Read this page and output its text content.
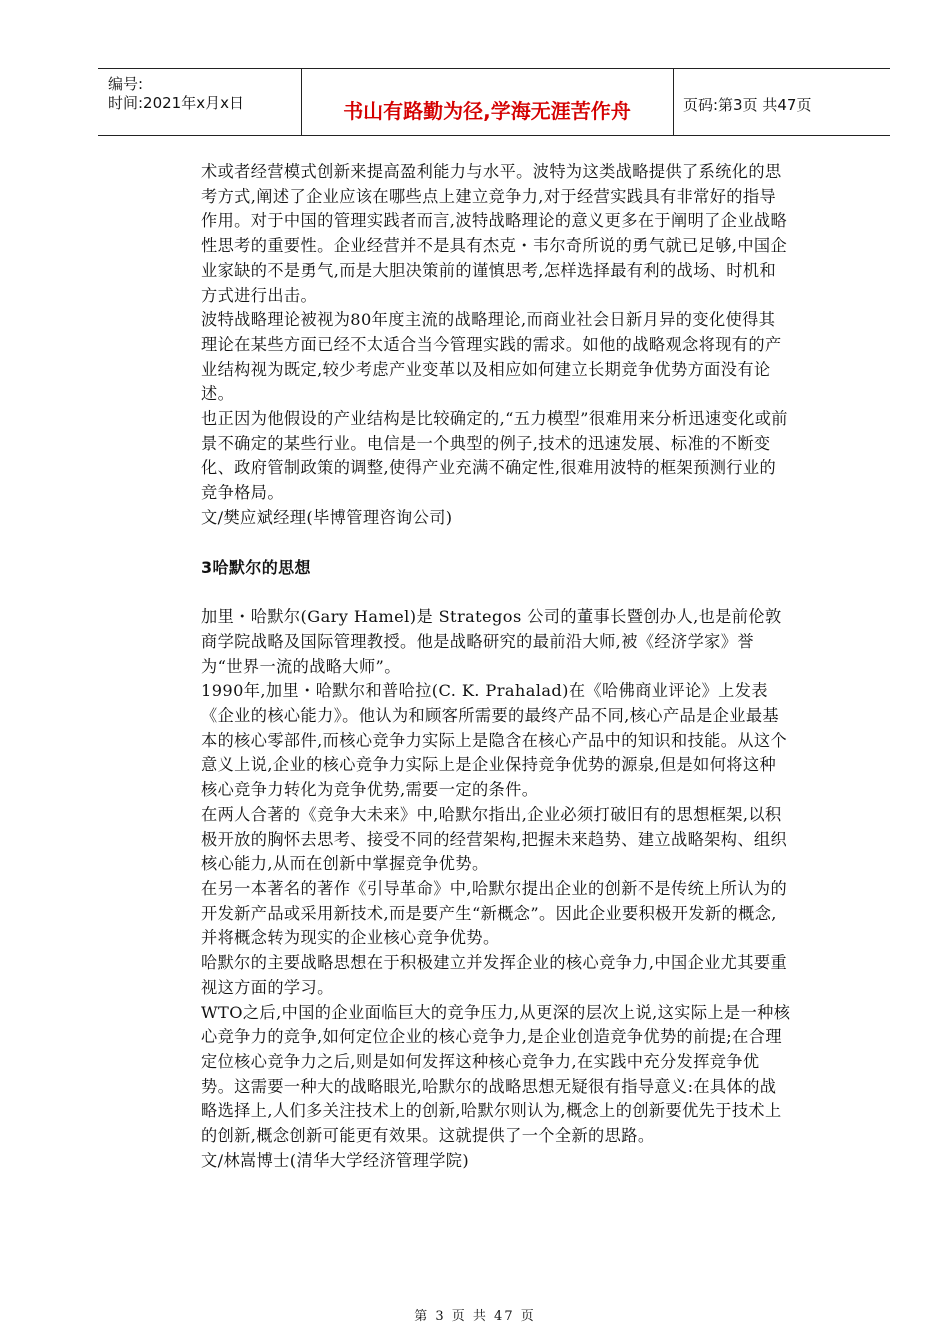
编号:
时间:2021年x月x日	书山有路勤为径,学海无涯苦作舟	页码:第3页 共47页

术或者经营模式创新来提高盈利能力与水平。波特为这类战略提供了系统化的思考方式,阐述了企业应该在哪些点上建立竞争力,对于经营实践具有非常好的指导作用。对于中国的管理实践者而言,波特战略理论的意义更多在于阐明了企业战略性思考的重要性。企业经营并不是具有杰克・韦尔奇所说的勇气就已足够,中国企业家缺的不是勇气,而是大胆决策前的谨慎思考,怎样选择最有利的战场、时机和方式进行出击。

波特战略理论被视为80年度主流的战略理论,而商业社会日新月异的变化使得其理论在某些方面已经不太适合当今管理实践的需求。如他的战略观念将现有的产业结构视为既定,较少考虑产业变革以及相应如何建立长期竞争优势方面没有论述。

也正因为他假设的产业结构是比较确定的,“五力模型”很难用来分析迅速变化或前景不确定的某些行业。电信是一个典型的例子,技术的迅速发展、标准的不断变化、政府管制政策的调整,使得产业充满不确定性,很难用波特的框架预测行业的竞争格局。

文/樊应斌经理(毕博管理咨询公司)

3哈默尔的思想

加里・哈默尔(Gary Hamel)是 Strategos 公司的董事长暨创办人,也是前伦敦商学院战略及国际管理教授。他是战略研究的最前沿大师,被《经济学家》誉为“世界一流的战略大师”。

1990年,加里・哈默尔和普哈拉(C. K. Prahalad)在《哈佛商业评论》上发表《企业的核心能力》。他认为和顾客所需要的最终产品不同,核心产品是企业最基本的核心零部件,而核心竞争力实际上是隐含在核心产品中的知识和技能。从这个意义上说,企业的核心竞争力实际上是企业保持竞争优势的源泉,但是如何将这种核心竞争力转化为竞争优势,需要一定的条件。

在两人合著的《竞争大未来》中,哈默尔指出,企业必须打破旧有的思想框架,以积极开放的胸怀去思考、接受不同的经营架构,把握未来趋势、建立战略架构、组织核心能力,从而在创新中掌握竞争优势。

在另一本著名的著作《引导革命》中,哈默尔提出企业的创新不是传统上所认为的开发新产品或采用新技术,而是要产生“新概念”。因此企业要积极开发新的概念,并将概念转为现实的企业核心竞争优势。

哈默尔的主要战略思想在于积极建立并发挥企业的核心竞争力,中国企业尤其要重视这方面的学习。

WTO之后,中国的企业面临巨大的竞争压力,从更深的层次上说,这实际上是一种核心竞争力的竞争,如何定位企业的核心竞争力,是企业创造竞争优势的前提;在合理定位核心竞争力之后,则是如何发挥这种核心竞争力,在实践中充分发挥竞争优势。这需要一种大的战略眼光,哈默尔的战略思想无疑很有指导意义:在具体的战略选择上,人们多关注技术上的创新,哈默尔则认为,概念上的创新要优先于技术上的创新,概念创新可能更有效果。这就提供了一个全新的思路。

文/林嵩博士(清华大学经济管理学院)

第 3 页 共 47 页
